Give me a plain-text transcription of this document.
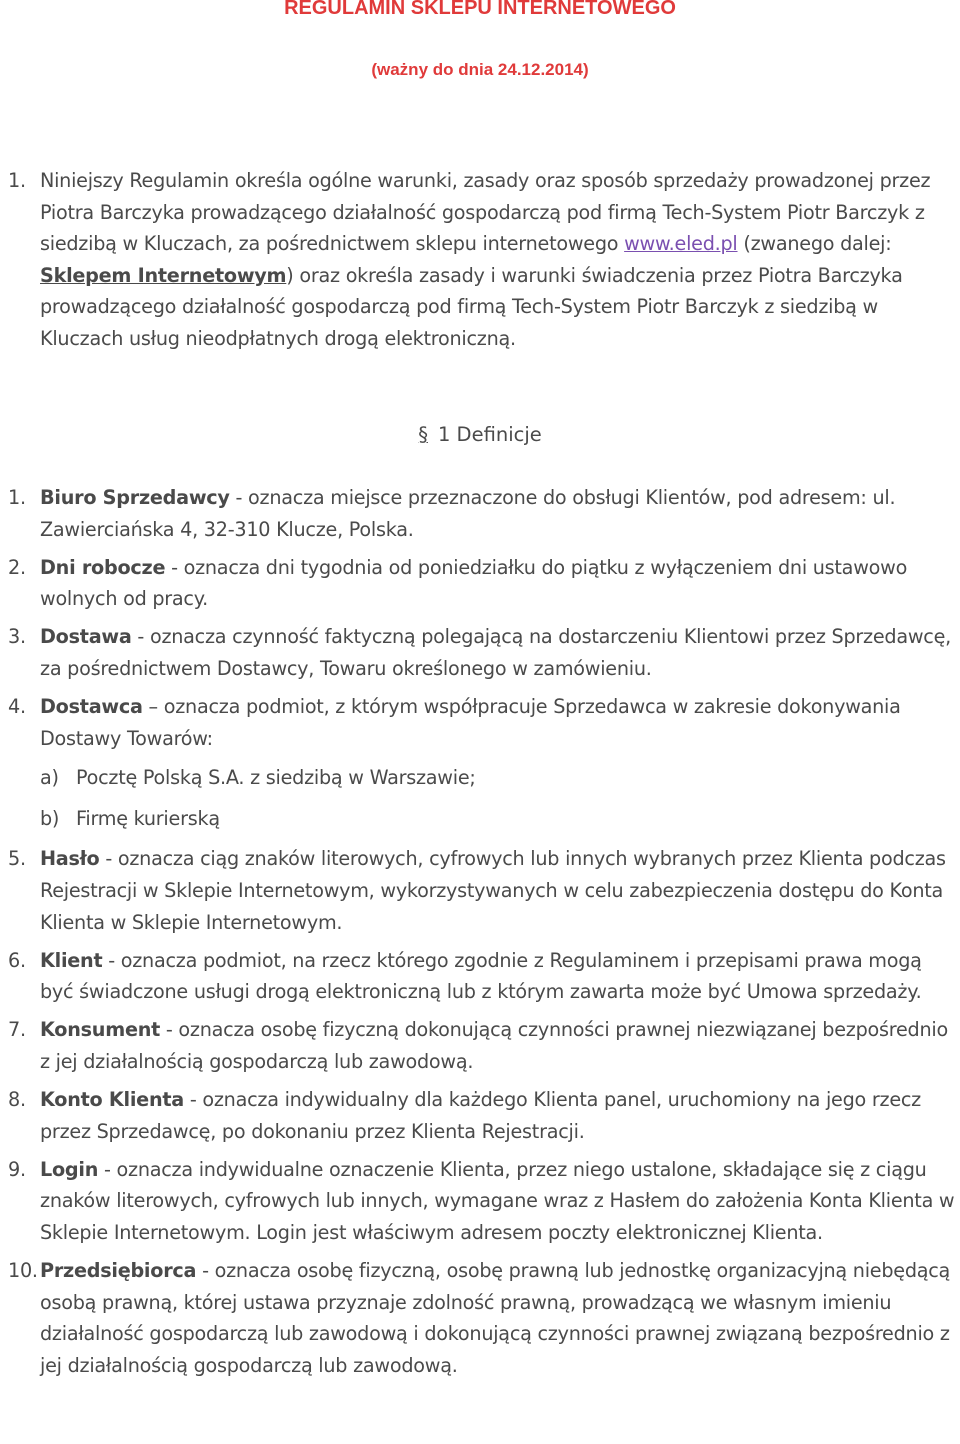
REGULAMIN SKLEPU INTERNETOWEGO
(ważny do dnia 24.12.2014)
1. Niniejszy Regulamin określa ogólne warunki, zasady oraz sposób sprzedaży prowadzonej przez Piotra Barczyka prowadzącego działalność gospodarczą pod firmą Tech-System Piotr Barczyk z siedzibą w Kluczach, za pośrednictwem sklepu internetowego www.eled.pl (zwanego dalej: Sklepem Internetowym) oraz określa zasady i warunki świadczenia przez Piotra Barczyka prowadzącego działalność gospodarczą pod firmą Tech-System Piotr Barczyk z siedzibą w Kluczach usług nieodpłatnych drogą elektroniczną.
§ 1 Definicje
1. Biuro Sprzedawcy - oznacza miejsce przeznaczone do obsługi Klientów, pod adresem: ul. Zawierciańska 4, 32-310 Klucze, Polska.
2. Dni robocze - oznacza dni tygodnia od poniedziałku do piątku z wyłączeniem dni ustawowo wolnych od pracy.
3. Dostawa - oznacza czynność faktyczną polegającą na dostarczeniu Klientowi przez Sprzedawcę, za pośrednictwem Dostawcy, Towaru określonego w zamówieniu.
4. Dostawca – oznacza podmiot, z którym współpracuje Sprzedawca w zakresie dokonywania Dostawy Towarów:
a) Pocztę Polską S.A. z siedzibą w Warszawie;
b) Firmę kurierską
5. Hasło - oznacza ciąg znaków literowych, cyfrowych lub innych wybranych przez Klienta podczas Rejestracji w Sklepie Internetowym, wykorzystywanych w celu zabezpieczenia dostępu do Konta Klienta w Sklepie Internetowym.
6. Klient - oznacza podmiot, na rzecz którego zgodnie z Regulaminem i przepisami prawa mogą być świadczone usługi drogą elektroniczną lub z którym zawarta może być Umowa sprzedaży.
7. Konsument - oznacza osobę fizyczną dokonującą czynności prawnej niezwiązanej bezpośrednio z jej działalnością gospodarczą lub zawodową.
8. Konto Klienta - oznacza indywidualny dla każdego Klienta panel, uruchomiony na jego rzecz przez Sprzedawcę, po dokonaniu przez Klienta Rejestracji.
9. Login - oznacza indywidualne oznaczenie Klienta, przez niego ustalone, składające się z ciągu znaków literowych, cyfrowych lub innych, wymagane wraz z Hasłem do założenia Konta Klienta w Sklepie Internetowym. Login jest właściwym adresem poczty elektronicznej Klienta.
10. Przedsiębiorca - oznacza osobę fizyczną, osobę prawną lub jednostkę organizacyjną niebędącą osobą prawną, której ustawa przyznaje zdolność prawną, prowadzącą we własnym imieniu działalność gospodarczą lub zawodową i dokonującą czynności prawnej związaną bezpośrednio z jej działalnością gospodarczą lub zawodową.
